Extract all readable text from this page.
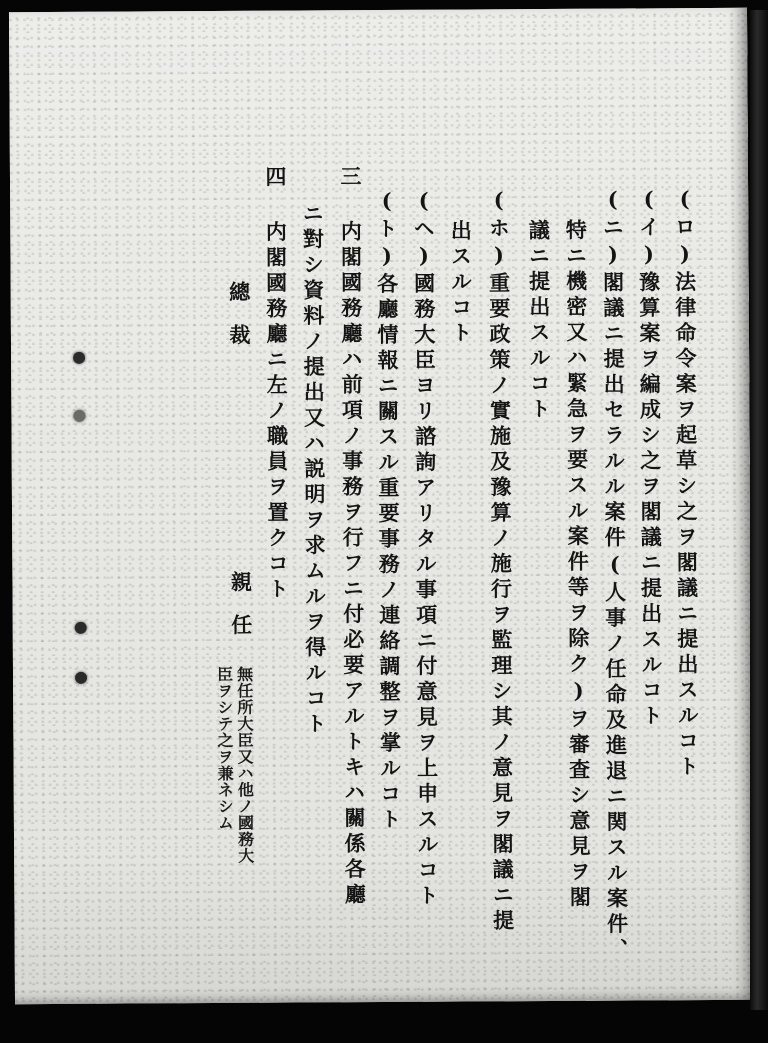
(ロ)法律命令案ヲ起草シ之ヲ閣議ニ提出スルコト
(イ)豫算案ヲ編成シ之ヲ閣議ニ提出スルコト
(ニ)閣議ニ提出セラルル案件(人事ノ任命及進退ニ関スル案件、
特ニ機密又ハ緊急ヲ要スル案件等ヲ除ク)ヲ審査シ意見ヲ閣
議ニ提出スルコト
(ホ)重要政策ノ實施及豫算ノ施行ヲ監理シ其ノ意見ヲ閣議ニ提
出スルコト
(ヘ)國務大臣ヨリ諮詢アリタル事項ニ付意見ヲ上申スルコト
(ト)各廳情報ニ關スル重要事務ノ連絡調整ヲ掌ルコト
三 内閣國務廳ハ前項ノ事務ヲ行フニ付必要アルトキハ關係各廳
ニ對シ資料ノ提出又ハ説明ヲ求ムルヲ得ルコト
四 内閣國務廳ニ左ノ職員ヲ置クコト
總裁
親任
無任所大臣又ハ他ノ國務大
臣ヲシテ之ヲ兼ネシム
